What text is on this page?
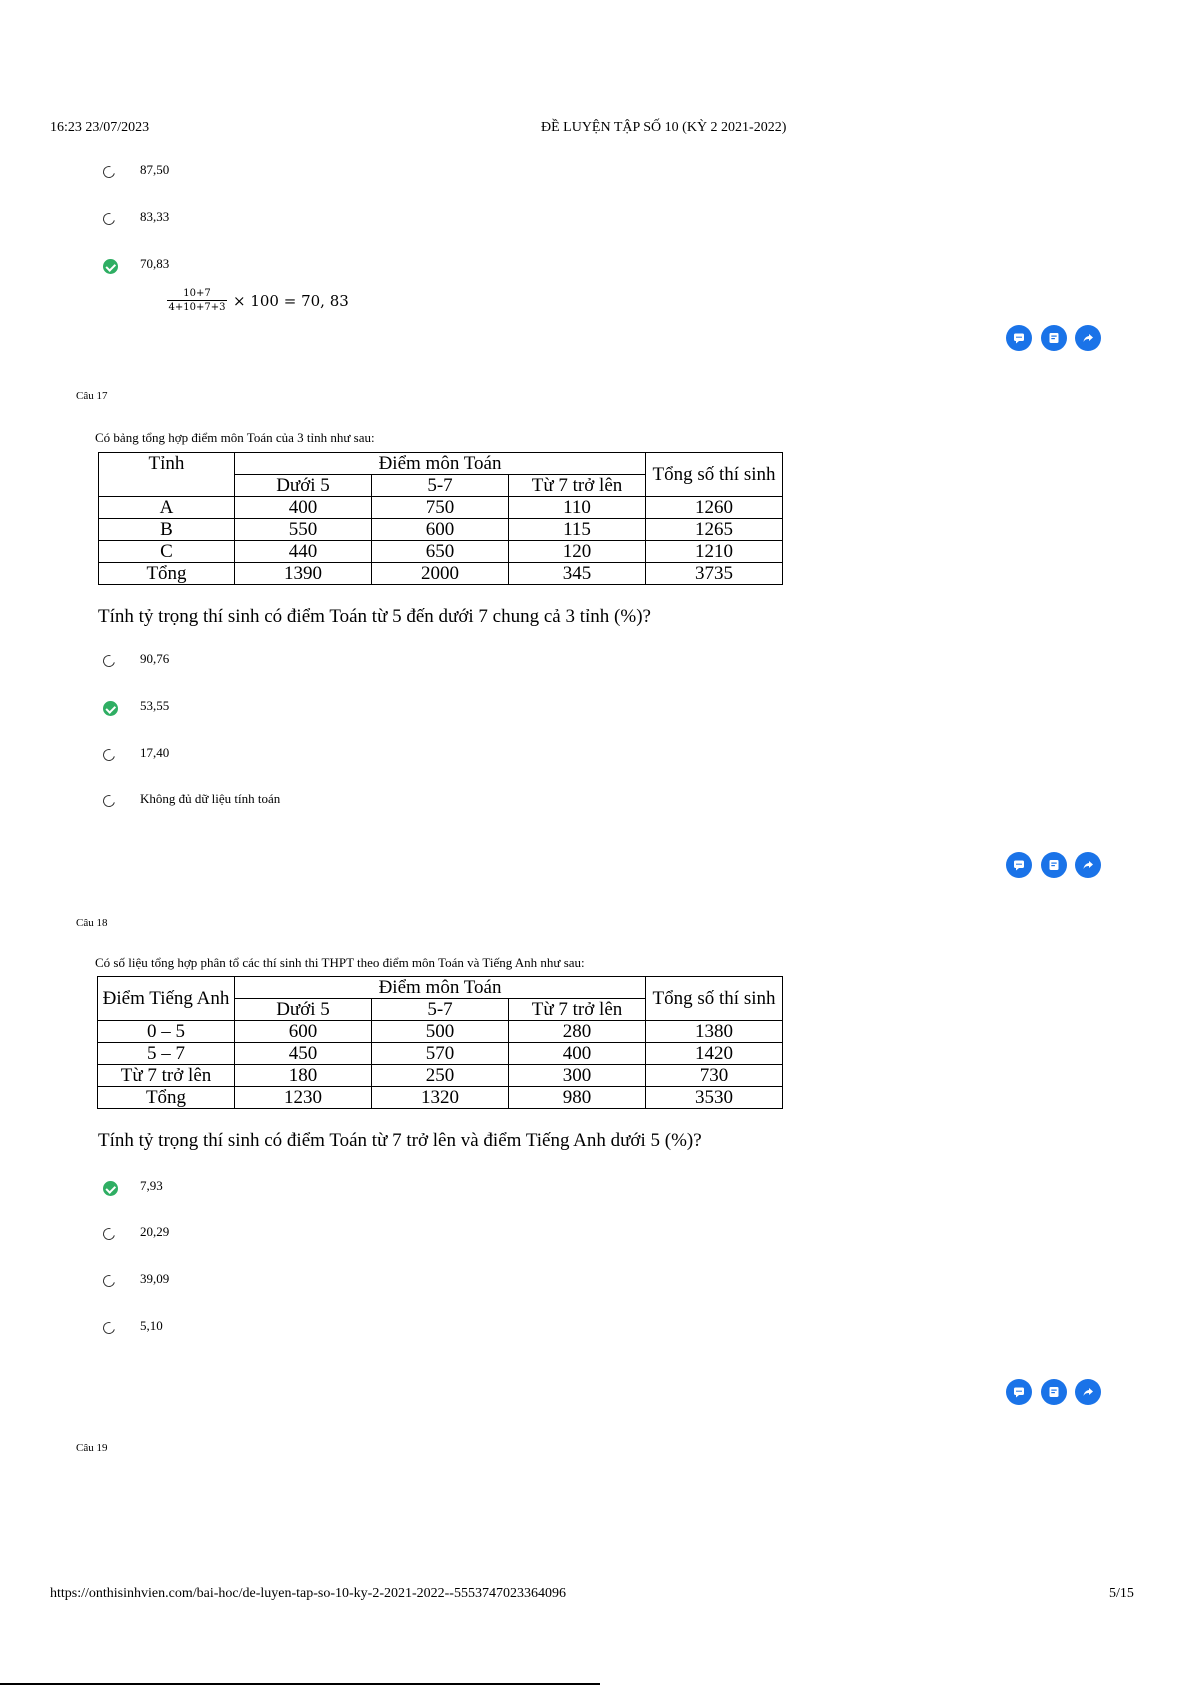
16:23 23/07/2023	ĐỀ LUYỆN TẬP SỐ 10 (KỲ 2 2021-2022)
87,50
83,33
70,83
10+7
4+10+7+3 × 100 = 70, 83
Câu 17
Có bảng tổng hợp điểm môn Toán của 3 tỉnh như sau:
Tỉnh	Điểm môn Toán			Tổng số thí sinh
	Dưới 5	5-7	Từ 7 trở lên	
A	400	750	110	1260
B	550	600	115	1265
C	440	650	120	1210
Tổng	1390	2000	345	3735
Tính tỷ trọng thí sinh có điểm Toán từ 5 đến dưới 7 chung cả 3 tỉnh (%)?
90,76
53,55
17,40
Không đủ dữ liệu tính toán
Câu 18
Có số liệu tổng hợp phân tổ các thí sinh thi THPT theo điểm môn Toán và Tiếng Anh như sau:
Điểm Tiếng Anh	Điểm môn Toán			Tổng số thí sinh
	Dưới 5	5-7	Từ 7 trở lên	
0 – 5	600	500	280	1380
5 – 7	450	570	400	1420
Từ 7 trở lên	180	250	300	730
Tổng	1230	1320	980	3530
Tính tỷ trọng thí sinh có điểm Toán từ 7 trở lên và điểm Tiếng Anh dưới 5 (%)?
7,93
20,29
39,09
5,10
Câu 19
https://onthisinhvien.com/bai-hoc/de-luyen-tap-so-10-ky-2-2021-2022--5553747023364096	5/15
